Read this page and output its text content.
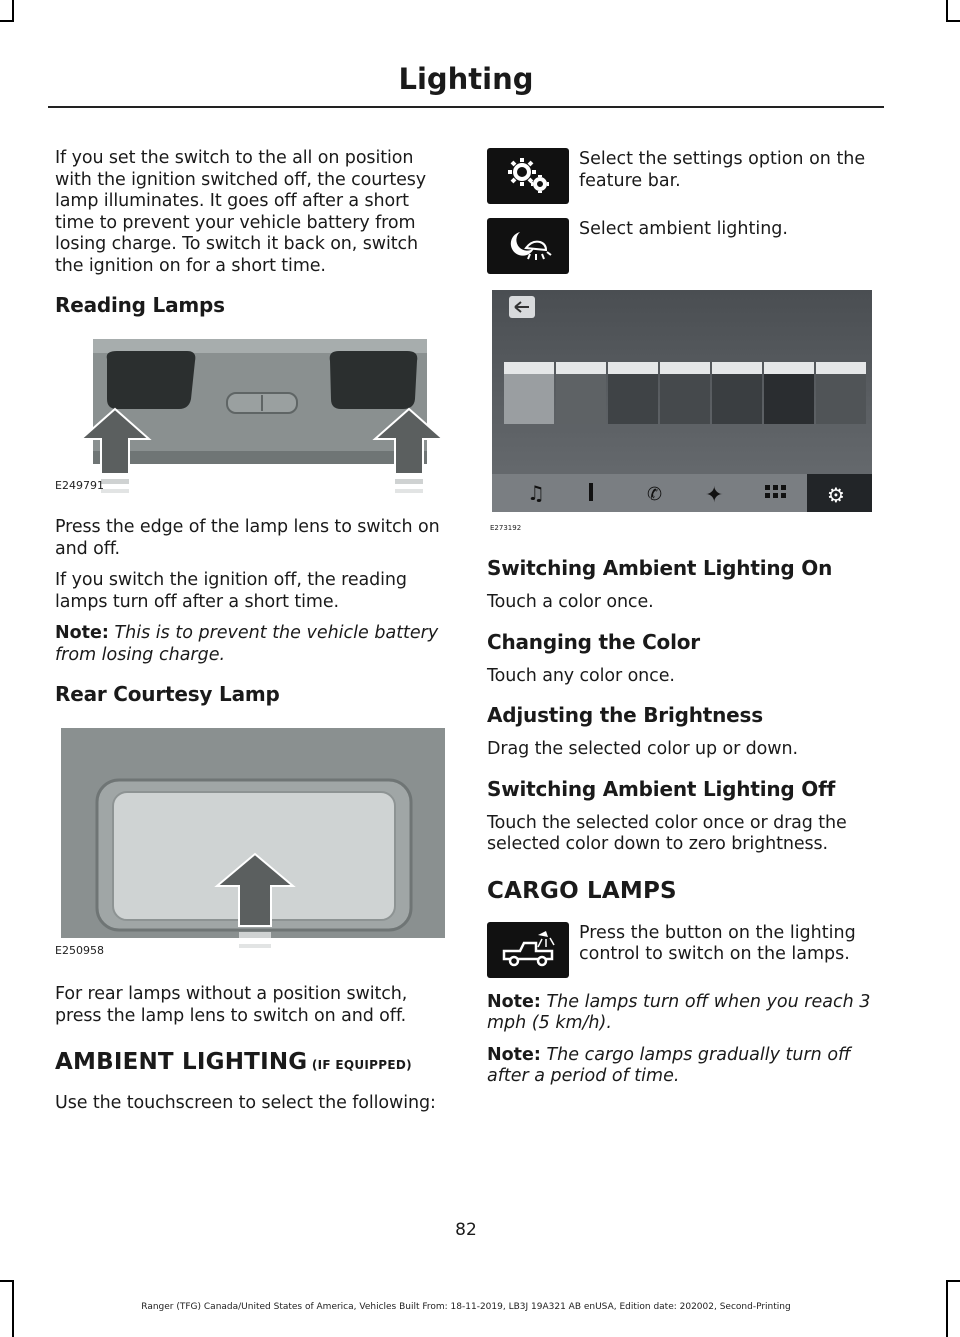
Lighting

If you set the switch to the all on position with the ignition switched off, the courtesy lamp illuminates. It goes off after a short time to prevent your vehicle battery from losing charge. To switch it back on, switch the ignition on for a short time.

Reading Lamps
E249791

Press the edge of the lamp lens to switch on and off.

If you switch the ignition off, the reading lamps turn off after a short time.

Note: This is to prevent the vehicle battery from losing charge.

Rear Courtesy Lamp
E250958

For rear lamps without a position switch, press the lamp lens to switch on and off.

AMBIENT LIGHTING (IF EQUIPPED)

Use the touchscreen to select the following:

Select the settings option on the feature bar.

Select ambient lighting.

♫	✆ ✦	⚙
E273192
Switching Ambient Lighting On

Touch a color once.

Changing the Color

Touch any color once.

Adjusting the Brightness

Drag the selected color up or down.

Switching Ambient Lighting Off

Touch the selected color once or drag the selected color down to zero brightness.

CARGO LAMPS

Press the button on the lighting control to switch on the lamps.

Note: The lamps turn off when you reach 3 mph (5 km/h).

Note: The cargo lamps gradually turn off after a period of time.

82
Ranger (TFG) Canada/United States of America, Vehicles Built From: 18-11-2019, LB3J 19A321 AB enUSA, Edition date: 202002, Second-Printing
